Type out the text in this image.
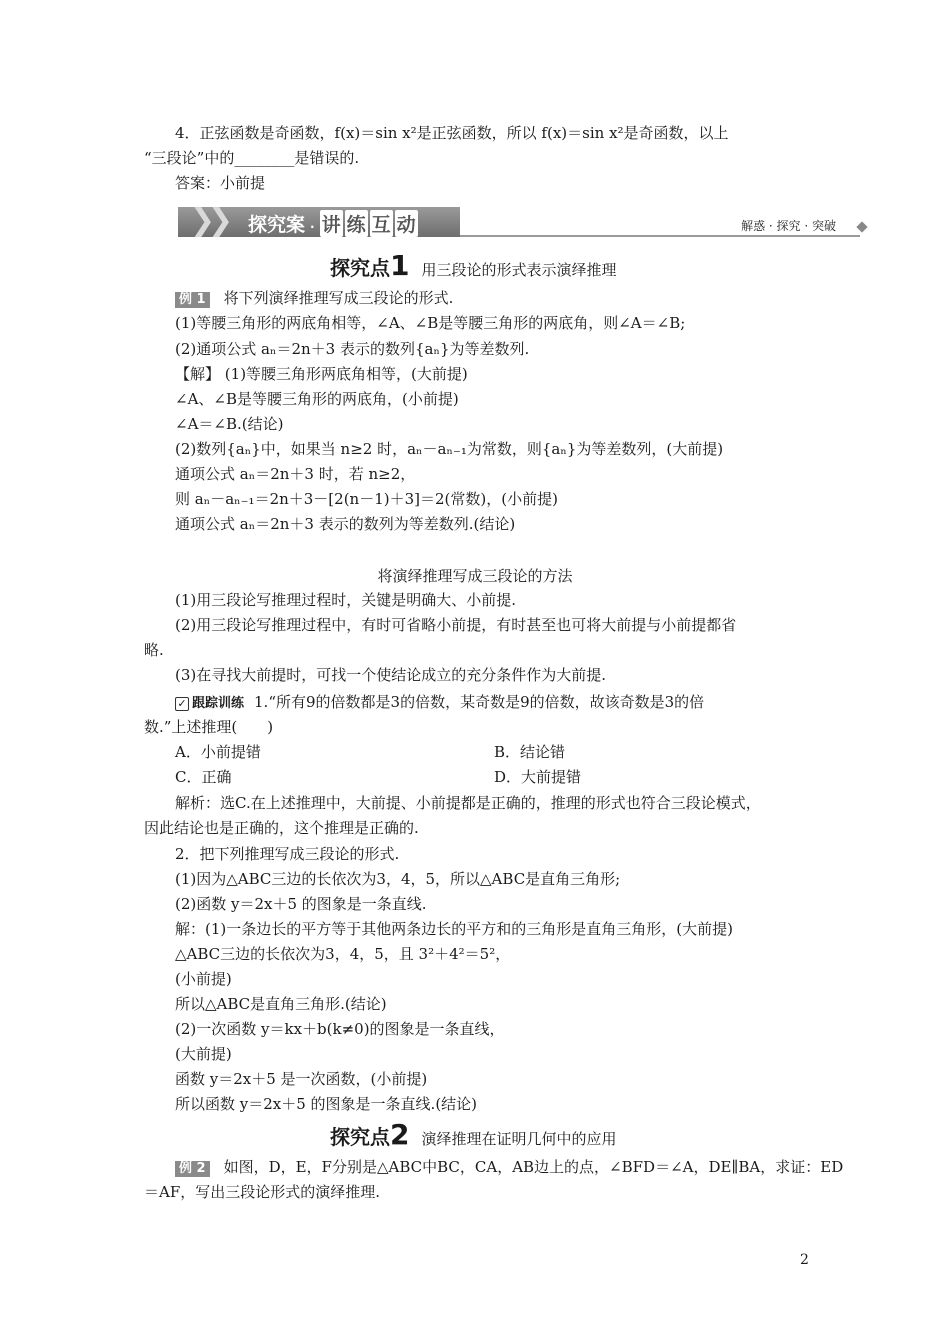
4．正弦函数是奇函数，f(x)＝sin x²是正弦函数，所以 f(x)＝sin x²是奇函数，以上
“三段论”中的________是错误的.
答案：小前提
❯
❯ 探究案 · 讲 练 互 动	解惑 · 探究 · 突破
探究点1 用三段论的形式表示演绎推理
例 1 将下列演绎推理写成三段论的形式.
(1)等腰三角形的两底角相等，∠A、∠B是等腰三角形的两底角，则∠A＝∠B;
(2)通项公式 aₙ＝2n＋3 表示的数列{aₙ}为等差数列.
【解】 (1)等腰三角形两底角相等，(大前提)
∠A、∠B是等腰三角形的两底角，(小前提)
∠A＝∠B.(结论)
(2)数列{aₙ}中，如果当 n≥2 时，aₙ－aₙ₋₁为常数，则{aₙ}为等差数列，(大前提)
通项公式 aₙ＝2n＋3 时，若 n≥2，
则 aₙ－aₙ₋₁＝2n＋3－[2(n－1)＋3]＝2(常数)，(小前提)
通项公式 aₙ＝2n＋3 表示的数列为等差数列.(结论)
将演绎推理写成三段论的方法
(1)用三段论写推理过程时，关键是明确大、小前提.
(2)用三段论写推理过程中，有时可省略小前提，有时甚至也可将大前提与小前提都省
略.
(3)在寻找大前提时，可找一个使结论成立的充分条件作为大前提.
✓ 跟踪训练 1.“所有9的倍数都是3的倍数，某奇数是9的倍数，故该奇数是3的倍
数.”上述推理(　　)
A．小前提错	B．结论错
C．正确	D．大前提错
解析：选C.在上述推理中，大前提、小前提都是正确的，推理的形式也符合三段论模式，
因此结论也是正确的，这个推理是正确的.
2．把下列推理写成三段论的形式.
(1)因为△ABC三边的长依次为3，4，5，所以△ABC是直角三角形;
(2)函数 y＝2x＋5 的图象是一条直线.
解：(1)一条边长的平方等于其他两条边长的平方和的三角形是直角三角形，(大前提)
△ABC三边的长依次为3，4，5，且 3²＋4²＝5²，
(小前提)
所以△ABC是直角三角形.(结论)
(2)一次函数 y＝kx＋b(k≠0)的图象是一条直线，
(大前提)
函数 y＝2x＋5 是一次函数，(小前提)
所以函数 y＝2x＋5 的图象是一条直线.(结论)
探究点2 演绎推理在证明几何中的应用
例 2 如图，D，E，F分别是△ABC中BC，CA，AB边上的点，∠BFD＝∠A，DE∥BA，求证：ED
＝AF，写出三段论形式的演绎推理.
2
